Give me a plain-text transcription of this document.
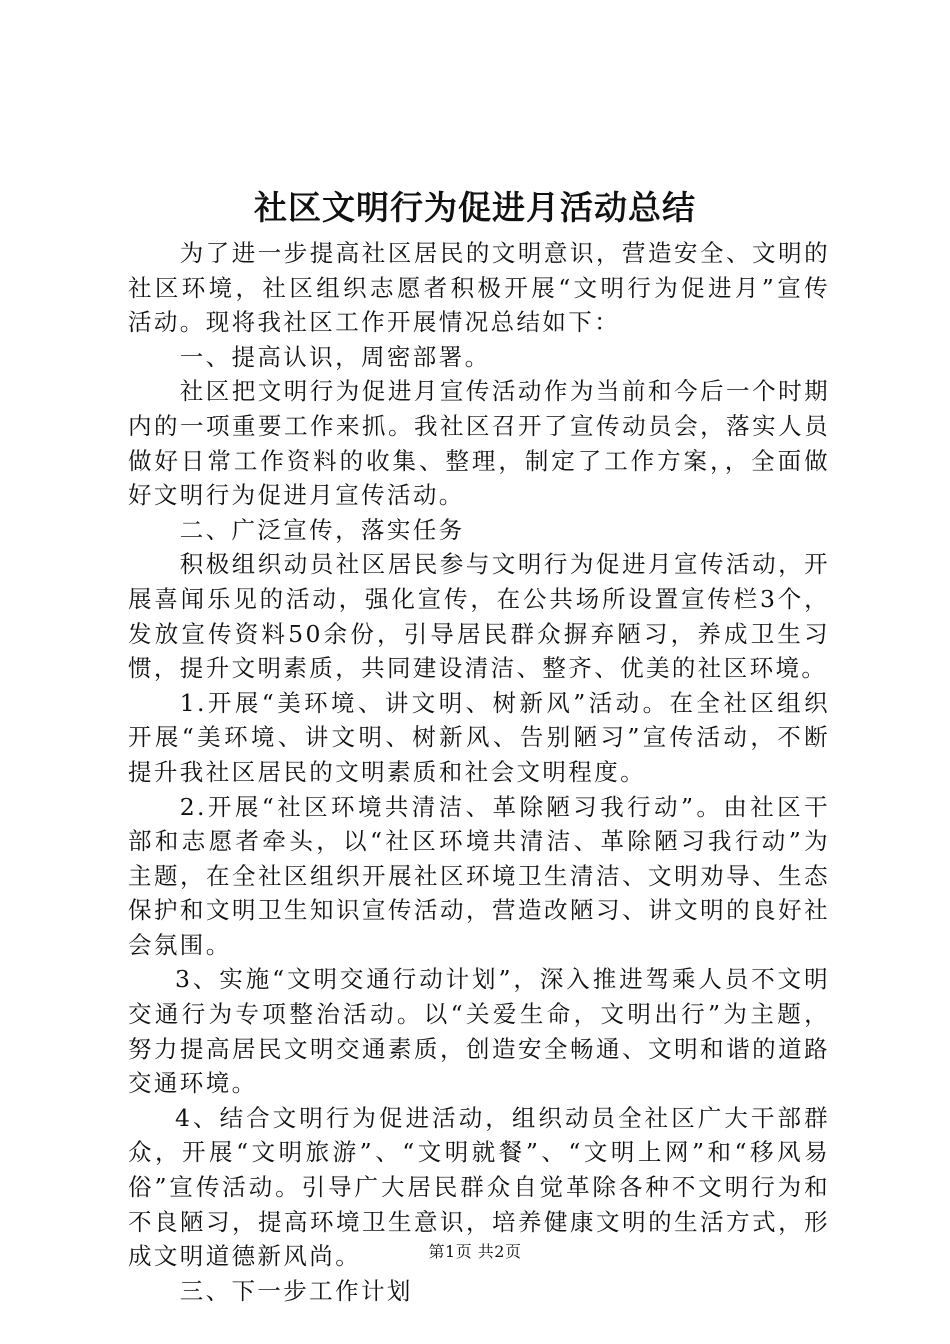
社区文明行为促进月活动总结

为了进一步提高社区居民的文明意识，营造安全、文明的社区环境，社区组织志愿者积极开展“文明行为促进月”宣传活动。现将我社区工作开展情况总结如下：

一、提高认识，周密部署。

社区把文明行为促进月宣传活动作为当前和今后一个时期内的一项重要工作来抓。我社区召开了宣传动员会，落实人员做好日常工作资料的收集、整理，制定了工作方案，，全面做好文明行为促进月宣传活动。

二、广泛宣传，落实任务

积极组织动员社区居民参与文明行为促进月宣传活动，开展喜闻乐见的活动，强化宣传，在公共场所设置宣传栏3个，发放宣传资料50余份，引导居民群众摒弃陋习，养成卫生习惯，提升文明素质，共同建设清洁、整齐、优美的社区环境。

1.开展“美环境、讲文明、树新风”活动。在全社区组织开展“美环境、讲文明、树新风、告别陋习”宣传活动，不断提升我社区居民的文明素质和社会文明程度。

2.开展“社区环境共清洁、革除陋习我行动”。由社区干部和志愿者牵头，以“社区环境共清洁、革除陋习我行动”为主题，在全社区组织开展社区环境卫生清洁、文明劝导、生态保护和文明卫生知识宣传活动，营造改陋习、讲文明的良好社会氛围。

3、实施“文明交通行动计划”，深入推进驾乘人员不文明交通行为专项整治活动。以“关爱生命，文明出行”为主题，努力提高居民文明交通素质，创造安全畅通、文明和谐的道路交通环境。

4、结合文明行为促进活动，组织动员全社区广大干部群众，开展“文明旅游”、“文明就餐”、“文明上网”和“移风易俗”宣传活动。引导广大居民群众自觉革除各种不文明行为和不良陋习，提高环境卫生意识，培养健康文明的生活方式，形成文明道德新风尚。

三、下一步工作计划

第1页 共2页
